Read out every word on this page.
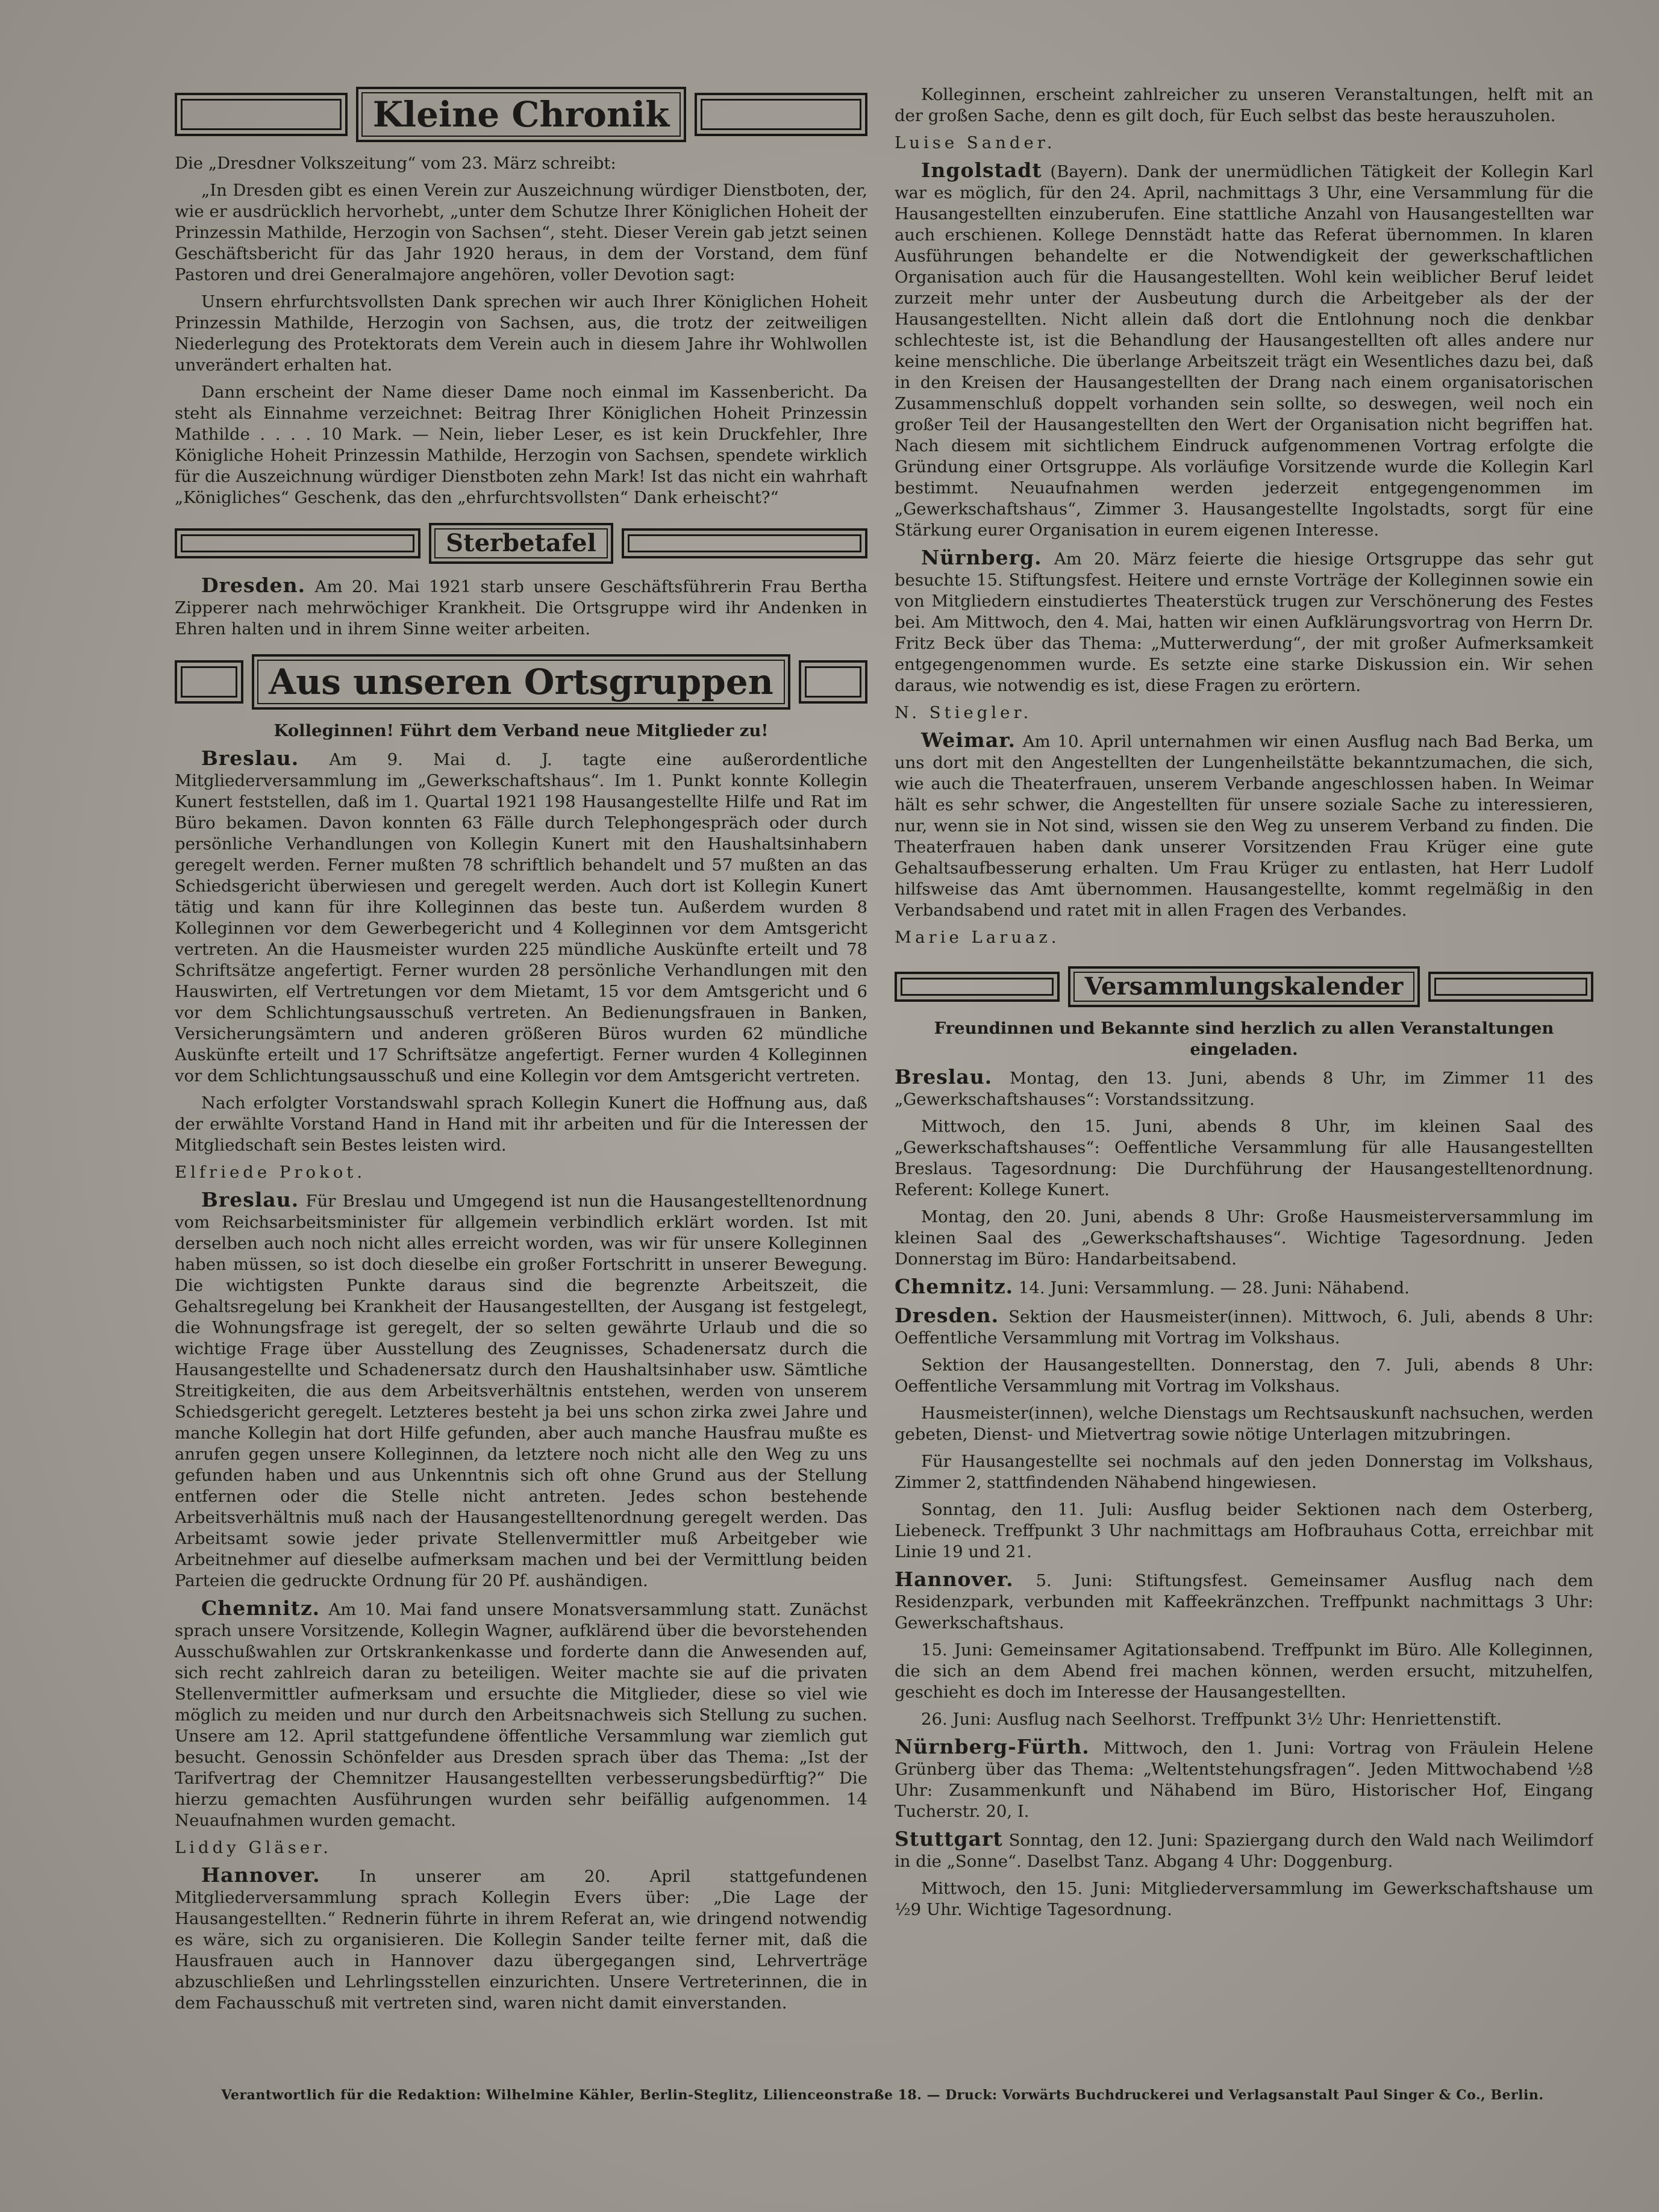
Kleine Chronik

Die „Dresdner Volkszeitung“ vom 23. März schreibt:

„In Dresden gibt es einen Verein zur Auszeichnung würdiger Dienstboten, der, wie er ausdrücklich hervorhebt, „unter dem Schutze Ihrer Königlichen Hoheit der Prinzessin Mathilde, Herzogin von Sachsen“, steht. Dieser Verein gab jetzt seinen Geschäftsbericht für das Jahr 1920 heraus, in dem der Vorstand, dem fünf Pastoren und drei Generalmajore angehören, voller Devotion sagt:

Unsern ehrfurchtsvollsten Dank sprechen wir auch Ihrer Königlichen Hoheit Prinzessin Mathilde, Herzogin von Sachsen, aus, die trotz der zeitweiligen Niederlegung des Protektorats dem Verein auch in diesem Jahre ihr Wohlwollen unverändert erhalten hat.

Dann erscheint der Name dieser Dame noch einmal im Kassenbericht. Da steht als Einnahme verzeichnet: Beitrag Ihrer Königlichen Hoheit Prinzessin Mathilde . . . . 10 Mark. — Nein, lieber Leser, es ist kein Druckfehler, Ihre Königliche Hoheit Prinzessin Mathilde, Herzogin von Sachsen, spendete wirklich für die Auszeichnung würdiger Dienstboten zehn Mark! Ist das nicht ein wahrhaft „Königliches“ Geschenk, das den „ehrfurchtsvollsten“ Dank erheischt?“

Sterbetafel

Dresden. Am 20. Mai 1921 starb unsere Geschäftsführerin Frau Bertha Zipperer nach mehrwöchiger Krankheit. Die Ortsgruppe wird ihr Andenken in Ehren halten und in ihrem Sinne weiter arbeiten.

Aus unseren Ortsgruppen

Kolleginnen! Führt dem Verband neue Mitglieder zu!

Breslau. Am 9. Mai d. J. tagte eine außerordentliche Mitgliederversammlung im „Gewerkschaftshaus“. Im 1. Punkt konnte Kollegin Kunert feststellen, daß im 1. Quartal 1921 198 Hausangestellte Hilfe und Rat im Büro bekamen. Davon konnten 63 Fälle durch Telephongespräch oder durch persönliche Verhandlungen von Kollegin Kunert mit den Haushaltsinhabern geregelt werden. Ferner mußten 78 schriftlich behandelt und 57 mußten an das Schiedsgericht überwiesen und geregelt werden. Auch dort ist Kollegin Kunert tätig und kann für ihre Kolleginnen das beste tun. Außerdem wurden 8 Kolleginnen vor dem Gewerbegericht und 4 Kolleginnen vor dem Amtsgericht vertreten. An die Hausmeister wurden 225 mündliche Auskünfte erteilt und 78 Schriftsätze angefertigt. Ferner wurden 28 persönliche Verhandlungen mit den Hauswirten, elf Vertretungen vor dem Mietamt, 15 vor dem Amtsgericht und 6 vor dem Schlichtungsausschuß vertreten. An Bedienungsfrauen in Banken, Versicherungsämtern und anderen größeren Büros wurden 62 mündliche Auskünfte erteilt und 17 Schriftsätze angefertigt. Ferner wurden 4 Kolleginnen vor dem Schlichtungsausschuß und eine Kollegin vor dem Amtsgericht vertreten.

Nach erfolgter Vorstandswahl sprach Kollegin Kunert die Hoffnung aus, daß der erwählte Vorstand Hand in Hand mit ihr arbeiten und für die Interessen der Mitgliedschaft sein Bestes leisten wird.

Elfriede Prokot.

Breslau. Für Breslau und Umgegend ist nun die Hausangestelltenordnung vom Reichsarbeitsminister für allgemein verbindlich erklärt worden. Ist mit derselben auch noch nicht alles erreicht worden, was wir für unsere Kolleginnen haben müssen, so ist doch dieselbe ein großer Fortschritt in unserer Bewegung. Die wichtigsten Punkte daraus sind die begrenzte Arbeitszeit, die Gehaltsregelung bei Krankheit der Hausangestellten, der Ausgang ist festgelegt, die Wohnungsfrage ist geregelt, der so selten gewährte Urlaub und die so wichtige Frage über Ausstellung des Zeugnisses, Schadenersatz durch die Hausangestellte und Schadenersatz durch den Haushaltsinhaber usw. Sämtliche Streitigkeiten, die aus dem Arbeitsverhältnis entstehen, werden von unserem Schiedsgericht geregelt. Letzteres besteht ja bei uns schon zirka zwei Jahre und manche Kollegin hat dort Hilfe gefunden, aber auch manche Hausfrau mußte es anrufen gegen unsere Kolleginnen, da letztere noch nicht alle den Weg zu uns gefunden haben und aus Unkenntnis sich oft ohne Grund aus der Stellung entfernen oder die Stelle nicht antreten. Jedes schon bestehende Arbeitsverhältnis muß nach der Hausangestelltenordnung geregelt werden. Das Arbeitsamt sowie jeder private Stellenvermittler muß Arbeitgeber wie Arbeitnehmer auf dieselbe aufmerksam machen und bei der Vermittlung beiden Parteien die gedruckte Ordnung für 20 Pf. aushändigen.

Chemnitz. Am 10. Mai fand unsere Monatsversammlung statt. Zunächst sprach unsere Vorsitzende, Kollegin Wagner, aufklärend über die bevorstehenden Ausschußwahlen zur Ortskrankenkasse und forderte dann die Anwesenden auf, sich recht zahlreich daran zu beteiligen. Weiter machte sie auf die privaten Stellenvermittler aufmerksam und ersuchte die Mitglieder, diese so viel wie möglich zu meiden und nur durch den Arbeitsnachweis sich Stellung zu suchen. Unsere am 12. April stattgefundene öffentliche Versammlung war ziemlich gut besucht. Genossin Schönfelder aus Dresden sprach über das Thema: „Ist der Tarifvertrag der Chemnitzer Hausangestellten verbesserungsbedürftig?“ Die hierzu gemachten Ausführungen wurden sehr beifällig aufgenommen. 14 Neuaufnahmen wurden gemacht.

Liddy Gläser.

Hannover. In unserer am 20. April stattgefundenen Mitgliederversammlung sprach Kollegin Evers über: „Die Lage der Hausangestellten.“ Rednerin führte in ihrem Referat an, wie dringend notwendig es wäre, sich zu organisieren. Die Kollegin Sander teilte ferner mit, daß die Hausfrauen auch in Hannover dazu übergegangen sind, Lehrverträge abzuschließen und Lehrlingsstellen einzurichten. Unsere Vertreterinnen, die in dem Fachausschuß mit vertreten sind, waren nicht damit einverstanden.

Kolleginnen, erscheint zahlreicher zu unseren Veranstaltungen, helft mit an der großen Sache, denn es gilt doch, für Euch selbst das beste herauszuholen.

Luise Sander.

Ingolstadt (Bayern). Dank der unermüdlichen Tätigkeit der Kollegin Karl war es möglich, für den 24. April, nachmittags 3 Uhr, eine Versammlung für die Hausangestellten einzuberufen. Eine stattliche Anzahl von Hausangestellten war auch erschienen. Kollege Dennstädt hatte das Referat übernommen. In klaren Ausführungen behandelte er die Notwendigkeit der gewerkschaftlichen Organisation auch für die Hausangestellten. Wohl kein weiblicher Beruf leidet zurzeit mehr unter der Ausbeutung durch die Arbeitgeber als der der Hausangestellten. Nicht allein daß dort die Entlohnung noch die denkbar schlechteste ist, ist die Behandlung der Hausangestellten oft alles andere nur keine menschliche. Die überlange Arbeitszeit trägt ein Wesentliches dazu bei, daß in den Kreisen der Hausangestellten der Drang nach einem organisatorischen Zusammenschluß doppelt vorhanden sein sollte, so deswegen, weil noch ein großer Teil der Hausangestellten den Wert der Organisation nicht begriffen hat. Nach diesem mit sichtlichem Eindruck aufgenommenen Vortrag erfolgte die Gründung einer Ortsgruppe. Als vorläufige Vorsitzende wurde die Kollegin Karl bestimmt. Neuaufnahmen werden jederzeit entgegengenommen im „Gewerkschaftshaus“, Zimmer 3. Hausangestellte Ingolstadts, sorgt für eine Stärkung eurer Organisation in eurem eigenen Interesse.

Nürnberg. Am 20. März feierte die hiesige Ortsgruppe das sehr gut besuchte 15. Stiftungsfest. Heitere und ernste Vorträge der Kolleginnen sowie ein von Mitgliedern einstudiertes Theaterstück trugen zur Verschönerung des Festes bei. Am Mittwoch, den 4. Mai, hatten wir einen Aufklärungsvortrag von Herrn Dr. Fritz Beck über das Thema: „Mutterwerdung“, der mit großer Aufmerksamkeit entgegengenommen wurde. Es setzte eine starke Diskussion ein. Wir sehen daraus, wie notwendig es ist, diese Fragen zu erörtern.

N. Stiegler.

Weimar. Am 10. April unternahmen wir einen Ausflug nach Bad Berka, um uns dort mit den Angestellten der Lungenheilstätte bekanntzumachen, die sich, wie auch die Theaterfrauen, unserem Verbande angeschlossen haben. In Weimar hält es sehr schwer, die Angestellten für unsere soziale Sache zu interessieren, nur, wenn sie in Not sind, wissen sie den Weg zu unserem Verband zu finden. Die Theaterfrauen haben dank unserer Vorsitzenden Frau Krüger eine gute Gehaltsaufbesserung erhalten. Um Frau Krüger zu entlasten, hat Herr Ludolf hilfsweise das Amt übernommen. Hausangestellte, kommt regelmäßig in den Verbandsabend und ratet mit in allen Fragen des Verbandes.

Marie Laruaz.

Versammlungskalender

Freundinnen und Bekannte sind herzlich zu allen Veranstaltungen eingeladen.

Breslau. Montag, den 13. Juni, abends 8 Uhr, im Zimmer 11 des „Gewerkschaftshauses“: Vorstandssitzung.

Mittwoch, den 15. Juni, abends 8 Uhr, im kleinen Saal des „Gewerkschaftshauses“: Oeffentliche Versammlung für alle Hausangestellten Breslaus. Tagesordnung: Die Durchführung der Hausangestelltenordnung. Referent: Kollege Kunert.

Montag, den 20. Juni, abends 8 Uhr: Große Hausmeisterversammlung im kleinen Saal des „Gewerkschaftshauses“. Wichtige Tagesordnung. Jeden Donnerstag im Büro: Handarbeitsabend.

Chemnitz. 14. Juni: Versammlung. — 28. Juni: Nähabend.

Dresden. Sektion der Hausmeister(innen). Mittwoch, 6. Juli, abends 8 Uhr: Oeffentliche Versammlung mit Vortrag im Volkshaus.

Sektion der Hausangestellten. Donnerstag, den 7. Juli, abends 8 Uhr: Oeffentliche Versammlung mit Vortrag im Volkshaus.

Hausmeister(innen), welche Dienstags um Rechtsauskunft nachsuchen, werden gebeten, Dienst- und Mietvertrag sowie nötige Unterlagen mitzubringen.

Für Hausangestellte sei nochmals auf den jeden Donnerstag im Volkshaus, Zimmer 2, stattfindenden Nähabend hingewiesen.

Sonntag, den 11. Juli: Ausflug beider Sektionen nach dem Osterberg, Liebeneck. Treffpunkt 3 Uhr nachmittags am Hofbrauhaus Cotta, erreichbar mit Linie 19 und 21.

Hannover. 5. Juni: Stiftungsfest. Gemeinsamer Ausflug nach dem Residenzpark, verbunden mit Kaffeekränzchen. Treffpunkt nachmittags 3 Uhr: Gewerkschaftshaus.

15. Juni: Gemeinsamer Agitationsabend. Treffpunkt im Büro. Alle Kolleginnen, die sich an dem Abend frei machen können, werden ersucht, mitzuhelfen, geschieht es doch im Interesse der Hausangestellten.

26. Juni: Ausflug nach Seelhorst. Treffpunkt 3½ Uhr: Henriettenstift.

Nürnberg-Fürth. Mittwoch, den 1. Juni: Vortrag von Fräulein Helene Grünberg über das Thema: „Weltentstehungsfragen“. Jeden Mittwochabend ½8 Uhr: Zusammenkunft und Nähabend im Büro, Historischer Hof, Eingang Tucherstr. 20, I.

Stuttgart Sonntag, den 12. Juni: Spaziergang durch den Wald nach Weilimdorf in die „Sonne“. Daselbst Tanz. Abgang 4 Uhr: Doggenburg.

Mittwoch, den 15. Juni: Mitgliederversammlung im Gewerkschaftshause um ½9 Uhr. Wichtige Tagesordnung.

Verantwortlich für die Redaktion: Wilhelmine Kähler, Berlin-Steglitz, Lilienceonstraße 18. — Druck: Vorwärts Buchdruckerei und Verlagsanstalt Paul Singer & Co., Berlin.
